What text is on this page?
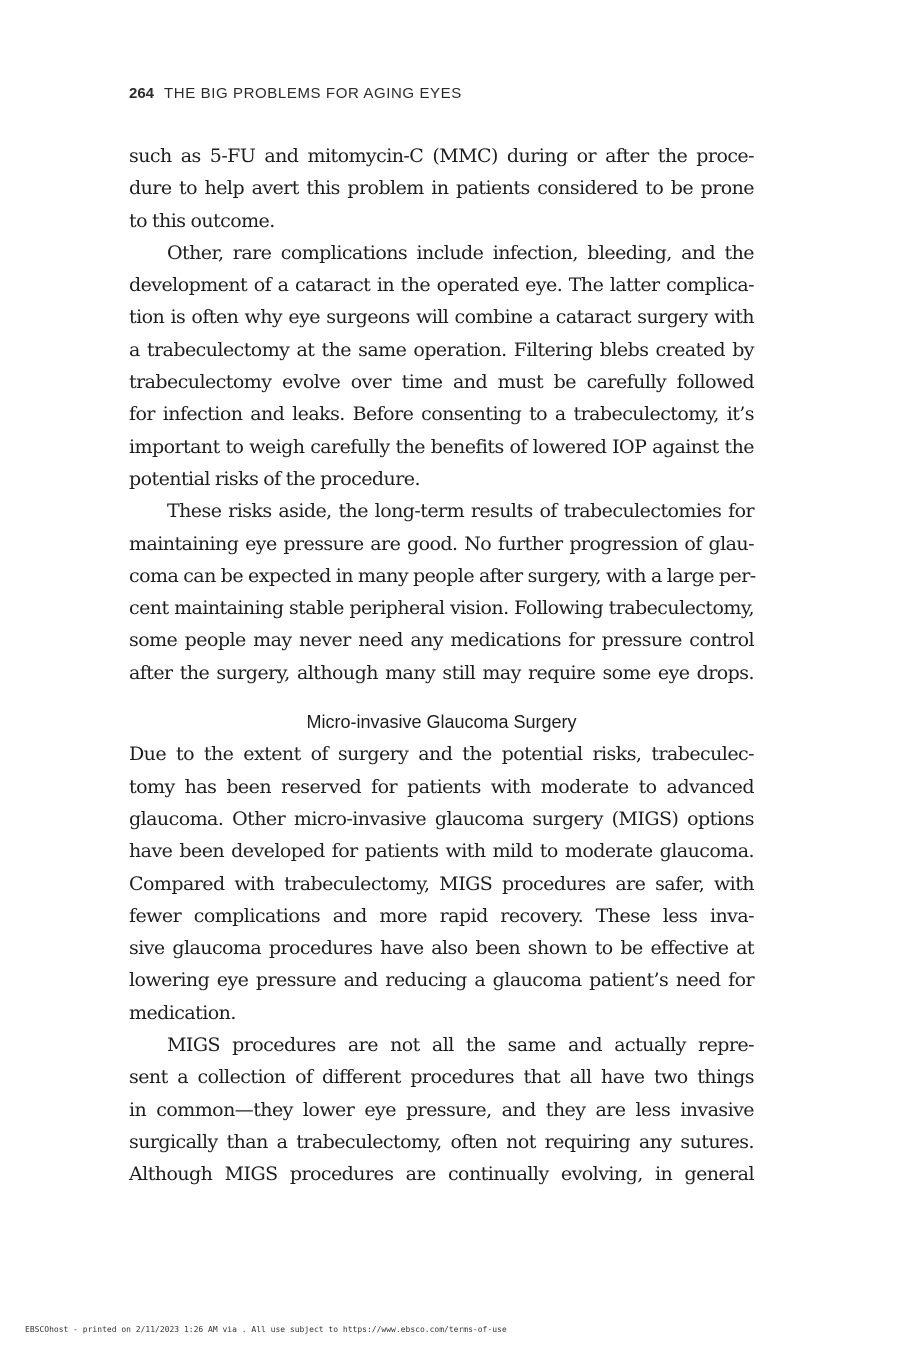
264 THE BIG PROBLEMS FOR AGING EYES
such as 5-FU and mitomycin-C (MMC) during or after the proce-
dure to help avert this problem in patients considered to be prone
to this outcome.
Other, rare complications include infection, bleeding, and the
development of a cataract in the operated eye. The latter complica-
tion is often why eye surgeons will combine a cataract surgery with
a trabeculectomy at the same operation. Filtering blebs created by
trabeculectomy evolve over time and must be carefully followed
for infection and leaks. Before consenting to a trabeculectomy, it’s
important to weigh carefully the benefits of lowered IOP against the
potential risks of the procedure.
These risks aside, the long-term results of trabeculectomies for
maintaining eye pressure are good. No further progression of glau-
coma can be expected in many people after surgery, with a large per-
cent maintaining stable peripheral vision. Following trabeculectomy,
some people may never need any medications for pressure control
after the surgery, although many still may require some eye drops.
Micro-invasive Glaucoma Surgery
Due to the extent of surgery and the potential risks, trabeculec-
tomy has been reserved for patients with moderate to advanced
glaucoma. Other micro-invasive glaucoma surgery (MIGS) options
have been developed for patients with mild to moderate glaucoma.
Compared with trabeculectomy, MIGS procedures are safer, with
fewer complications and more rapid recovery. These less inva-
sive glaucoma procedures have also been shown to be effective at
lowering eye pressure and reducing a glaucoma patient’s need for
medication.
MIGS procedures are not all the same and actually repre-
sent a collection of different procedures that all have two things
in common—they lower eye pressure, and they are less invasive
surgically than a trabeculectomy, often not requiring any sutures.
Although MIGS procedures are continually evolving, in general
EBSCOhost - printed on 2/11/2023 1:26 AM via . All use subject to https://www.ebsco.com/terms-of-use
